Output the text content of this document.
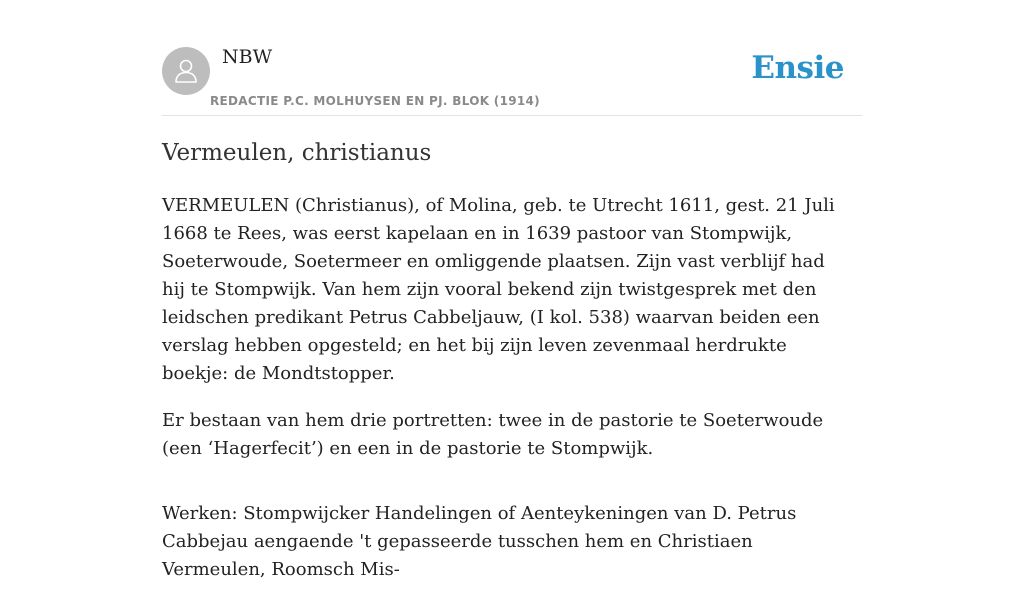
NBW
REDACTIE P.C. MOLHUYSEN EN PJ. BLOK (1914)
Ensie
Vermeulen, christianus

VERMEULEN (Christianus), of Molina, geb. te Utrecht 1611, gest. 21 Juli 1668 te Rees, was eerst kapelaan en in 1639 pastoor van Stompwijk, Soeterwoude, Soetermeer en omliggende plaatsen. Zijn vast verblijf had hij te Stompwijk. Van hem zijn vooral bekend zijn twistgesprek met den leidschen predikant Petrus Cabbeljauw, (I kol. 538) waarvan beiden een verslag hebben opgesteld; en het bij zijn leven zevenmaal herdrukte boekje: de Mondtstopper.

Er bestaan van hem drie portretten: twee in de pastorie te Soeterwoude (een ‘Hagerfecit’) en een in de pastorie te Stompwijk.

Werken: Stompwijcker Handelingen of Aenteykeningen van D. Petrus Cabbejau aengaende 't gepasseerde tusschen hem en Christiaen Vermeulen, Roomsch Mis-
